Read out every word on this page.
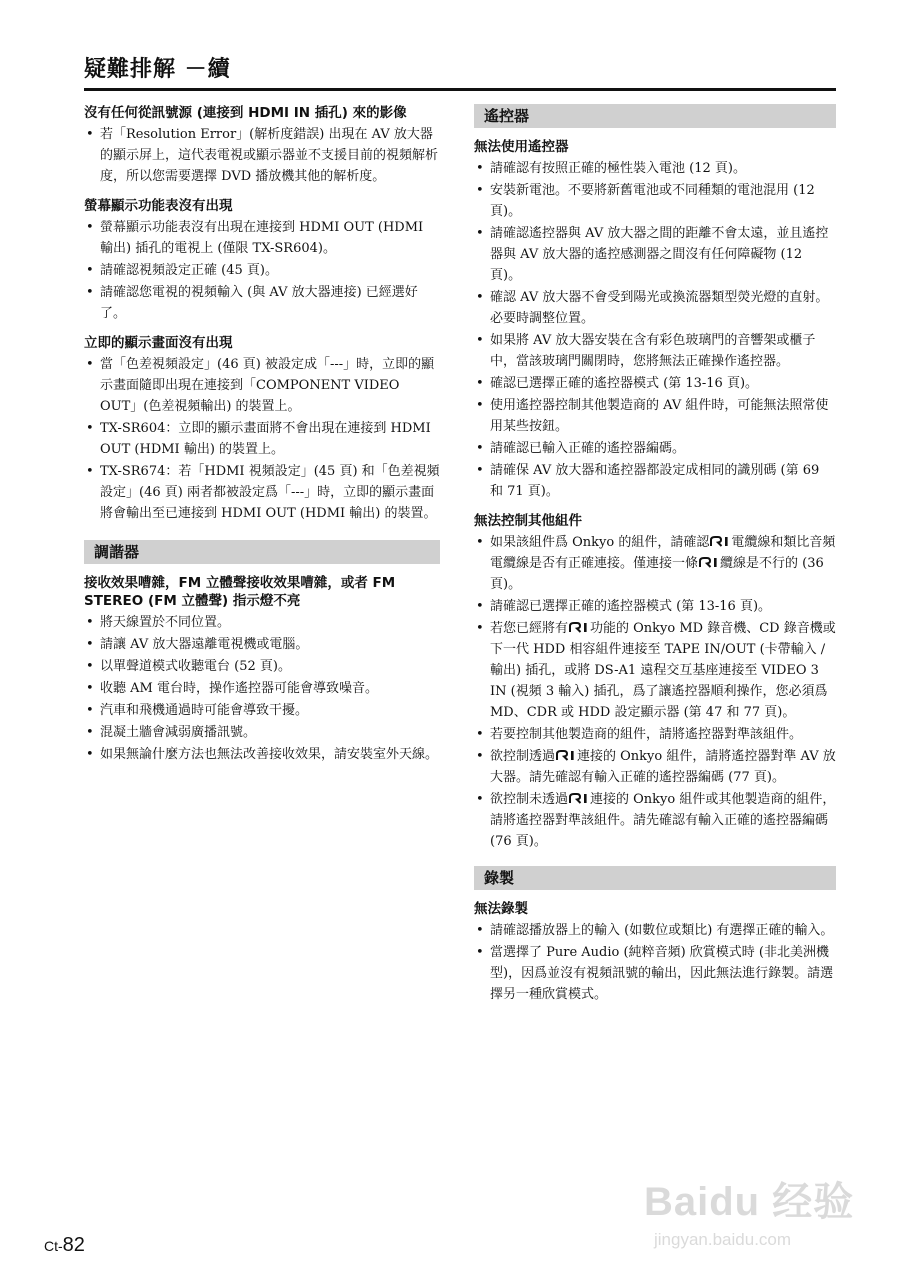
疑難排解 －續
沒有任何從訊號源 (連接到 HDMI IN 插孔) 來的影像
• 若「Resolution Error」(解析度錯誤) 出現在 AV 放大器的顯示屏上，這代表電視或顯示器並不支援目前的視頻解析度，所以您需要選擇 DVD 播放機其他的解析度。
螢幕顯示功能表沒有出現
• 螢幕顯示功能表沒有出現在連接到 HDMI OUT (HDMI 輸出) 插孔的電視上 (僅限 TX-SR604)。
• 請確認視頻設定正確 (45 頁)。
• 請確認您電視的視頻輸入 (與 AV 放大器連接) 已經選好了。
立即的顯示畫面沒有出現
• 當「色差視頻設定」(46 頁) 被設定成「---」時，立即的顯示畫面隨即出現在連接到「COMPONENT VIDEO OUT」(色差視頻輸出) 的裝置上。
• TX-SR604：立即的顯示畫面將不會出現在連接到 HDMI OUT (HDMI 輸出) 的裝置上。
• TX-SR674：若「HDMI 視頻設定」(45 頁) 和「色差視頻設定」(46 頁) 兩者都被設定爲「---」時，立即的顯示畫面將會輸出至已連接到 HDMI OUT (HDMI 輸出) 的裝置。
調諧器
接收效果嘈雜，FM 立體聲接收效果嘈雜，或者 FM STEREO (FM 立體聲) 指示燈不亮
• 將天線置於不同位置。
• 請讓 AV 放大器遠離電視機或電腦。
• 以單聲道模式收聽電台 (52 頁)。
• 收聽 AM 電台時，操作遙控器可能會導致噪音。
• 汽車和飛機通過時可能會導致干擾。
• 混凝土牆會減弱廣播訊號。
• 如果無論什麼方法也無法改善接收效果，請安裝室外天線。
遙控器
無法使用遙控器
• 請確認有按照正確的極性裝入電池 (12 頁)。
• 安裝新電池。不要將新舊電池或不同種類的電池混用 (12 頁)。
• 請確認遙控器與 AV 放大器之間的距離不會太遠，並且遙控器與 AV 放大器的遙控感測器之間沒有任何障礙物 (12 頁)。
• 確認 AV 放大器不會受到陽光或換流器類型熒光燈的直射。必要時調整位置。
• 如果將 AV 放大器安裝在含有彩色玻璃門的音響架或櫃子中，當該玻璃門關閉時，您將無法正確操作遙控器。
• 確認已選擇正確的遙控器模式 (第 13-16 頁)。
• 使用遙控器控制其他製造商的 AV 組件時，可能無法照常使用某些按鈕。
• 請確認已輸入正確的遙控器編碼。
• 請確保 AV 放大器和遙控器都設定成相同的識別碼 (第 69 和 71 頁)。
無法控制其他組件
• 如果該組件爲 Onkyo 的組件，請確認 電纜線和類比音頻電纜線是否有正確連接。僅連接一條 纜線是不行的 (36 頁)。
• 請確認已選擇正確的遙控器模式 (第 13-16 頁)。
• 若您已經將有 功能的 Onkyo MD 錄音機、CD 錄音機或下一代 HDD 相容組件連接至 TAPE IN/OUT (卡帶輸入 / 輸出) 插孔，或將 DS-A1 遠程交互基座連接至 VIDEO 3 IN (視頻 3 輸入) 插孔，爲了讓遙控器順利操作，您必須爲 MD、CDR 或 HDD 設定顯示器 (第 47 和 77 頁)。
• 若要控制其他製造商的組件，請將遙控器對準該組件。
• 欲控制透過 連接的 Onkyo 組件，請將遙控器對準 AV 放大器。請先確認有輸入正確的遙控器編碼 (77 頁)。
• 欲控制未透過 連接的 Onkyo 組件或其他製造商的組件，請將遙控器對準該組件。請先確認有輸入正確的遙控器編碼 (76 頁)。
錄製
無法錄製
• 請確認播放器上的輸入 (如數位或類比) 有選擇正確的輸入。
• 當選擇了 Pure Audio (純粹音頻) 欣賞模式時 (非北美洲機型)，因爲並沒有視頻訊號的輸出，因此無法進行錄製。請選擇另一種欣賞模式。
Ct-82
Baidu 经验
jingyan.baidu.com
